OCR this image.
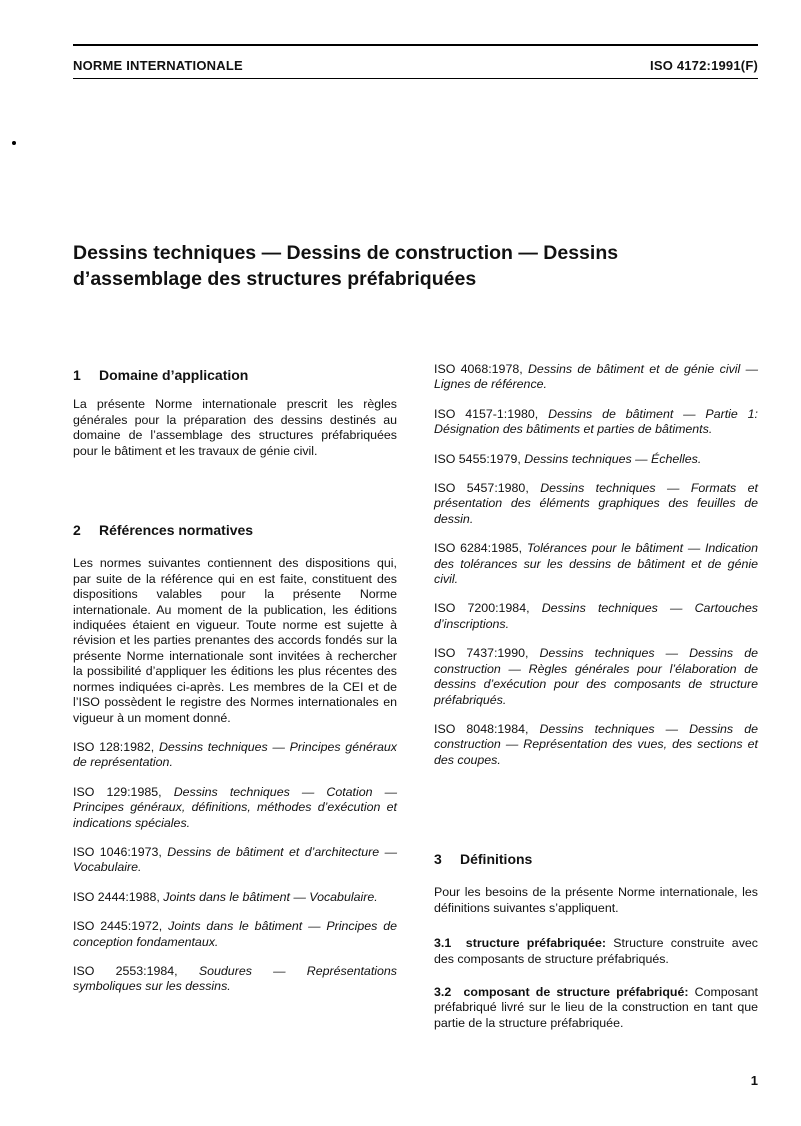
NORME INTERNATIONALE	ISO 4172:1991(F)
Dessins techniques — Dessins de construction — Dessins d’assemblage des structures préfabriquées
1 Domaine d’application

La présente Norme internationale prescrit les règles générales pour la préparation des dessins destinés au domaine de l’assemblage des structures préfabriquées pour le bâtiment et les travaux de génie civil.

2 Références normatives

Les normes suivantes contiennent des dispositions qui, par suite de la référence qui en est faite, constituent des dispositions valables pour la présente Norme internationale. Au moment de la publication, les éditions indiquées étaient en vigueur. Toute norme est sujette à révision et les parties prenantes des accords fondés sur la présente Norme internationale sont invitées à rechercher la possibilité d’appliquer les éditions les plus récentes des normes indiquées ci-après. Les membres de la CEI et de l’ISO possèdent le registre des Normes internationales en vigueur à un moment donné.

ISO 128:1982, Dessins techniques — Principes généraux de représentation.

ISO 129:1985, Dessins techniques — Cotation — Principes généraux, définitions, méthodes d’exécution et indications spéciales.

ISO 1046:1973, Dessins de bâtiment et d’architecture — Vocabulaire.

ISO 2444:1988, Joints dans le bâtiment — Vocabulaire.

ISO 2445:1972, Joints dans le bâtiment — Principes de conception fondamentaux.

ISO 2553:1984, Soudures — Représentations symboliques sur les dessins.

ISO 4068:1978, Dessins de bâtiment et de génie civil — Lignes de référence.

ISO 4157-1:1980, Dessins de bâtiment — Partie 1: Désignation des bâtiments et parties de bâtiments.

ISO 5455:1979, Dessins techniques — Échelles.

ISO 5457:1980, Dessins techniques — Formats et présentation des éléments graphiques des feuilles de dessin.

ISO 6284:1985, Tolérances pour le bâtiment — Indication des tolérances sur les dessins de bâtiment et de génie civil.

ISO 7200:1984, Dessins techniques — Cartouches d’inscriptions.

ISO 7437:1990, Dessins techniques — Dessins de construction — Règles générales pour l’élaboration de dessins d’exécution pour des composants de structure préfabriqués.

ISO 8048:1984, Dessins techniques — Dessins de construction — Représentation des vues, des sections et des coupes.

3 Définitions

Pour les besoins de la présente Norme internationale, les définitions suivantes s’appliquent.

3.1 structure préfabriquée: Structure construite avec des composants de structure préfabriqués.

3.2 composant de structure préfabriqué: Composant préfabriqué livré sur le lieu de la construction en tant que partie de la structure préfabriquée.

1
